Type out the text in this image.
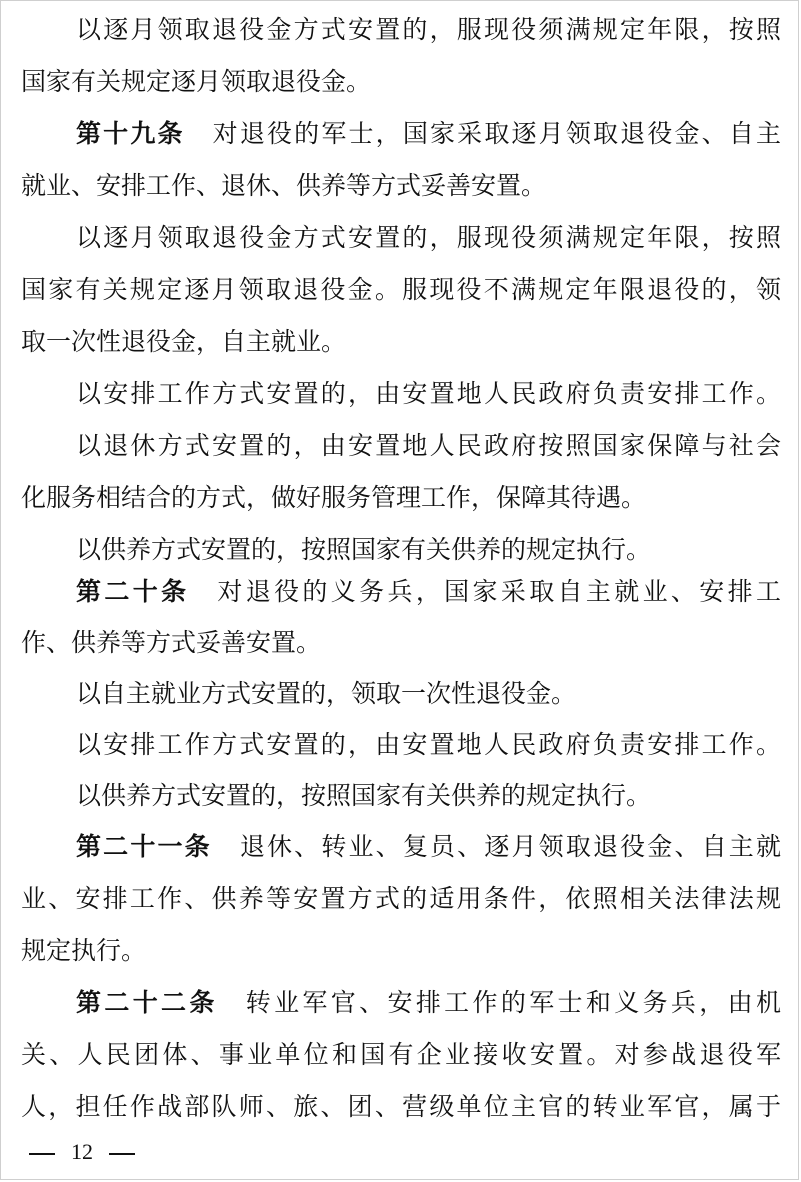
以逐月领取退役金方式安置的，服现役须满规定年限，按照
国家有关规定逐月领取退役金。
第十九条 对退役的军士，国家采取逐月领取退役金、自主
就业、安排工作、退休、供养等方式妥善安置。
以逐月领取退役金方式安置的，服现役须满规定年限，按照
国家有关规定逐月领取退役金。服现役不满规定年限退役的，领
取一次性退役金，自主就业。
以安排工作方式安置的，由安置地人民政府负责安排工作。
以退休方式安置的，由安置地人民政府按照国家保障与社会
化服务相结合的方式，做好服务管理工作，保障其待遇。
以供养方式安置的，按照国家有关供养的规定执行。
第二十条 对退役的义务兵，国家采取自主就业、安排工
作、供养等方式妥善安置。
以自主就业方式安置的，领取一次性退役金。
以安排工作方式安置的，由安置地人民政府负责安排工作。
以供养方式安置的，按照国家有关供养的规定执行。
第二十一条 退休、转业、复员、逐月领取退役金、自主就
业、安排工作、供养等安置方式的适用条件，依照相关法律法规
规定执行。
第二十二条 转业军官、安排工作的军士和义务兵，由机
关、人民团体、事业单位和国有企业接收安置。对参战退役军
人，担任作战部队师、旅、团、营级单位主官的转业军官，属于
12
